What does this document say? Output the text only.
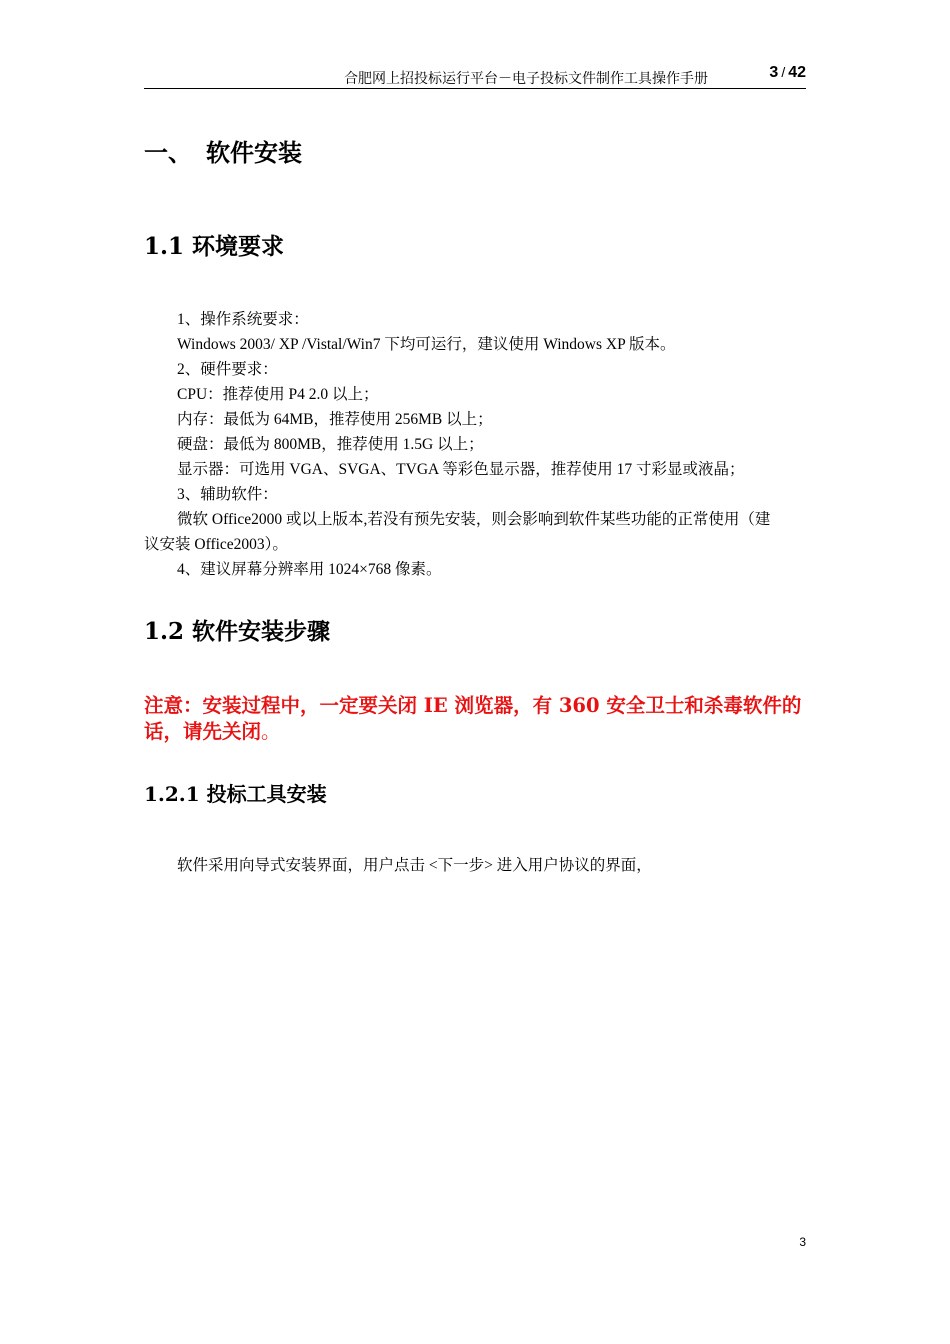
合肥网上招投标运行平台－电子投标文件制作工具操作手册	3 / 42
一、 软件安装
1.1 环境要求
1、操作系统要求：
Windows 2003/ XP /Vistal/Win7 下均可运行，建议使用 Windows XP 版本。
2、硬件要求：
CPU：推荐使用 P4 2.0 以上；
内存：最低为 64MB，推荐使用 256MB 以上；
硬盘：最低为 800MB，推荐使用 1.5G 以上；
显示器：可选用 VGA、SVGA、TVGA 等彩色显示器，推荐使用 17 寸彩显或液晶；
3、辅助软件：
微软 Office2000 或以上版本,若没有预先安装，则会影响到软件某些功能的正常使用（建
议安装 Office2003）。
4、建议屏幕分辨率用 1024×768 像素。
1.2 软件安装步骤
注意：安装过程中，一定要关闭 IE 浏览器，有 360 安全卫士和杀毒软件的话，请先关闭。
1.2.1 投标工具安装
软件采用向导式安装界面，用户点击 <下一步> 进入用户协议的界面，
3
